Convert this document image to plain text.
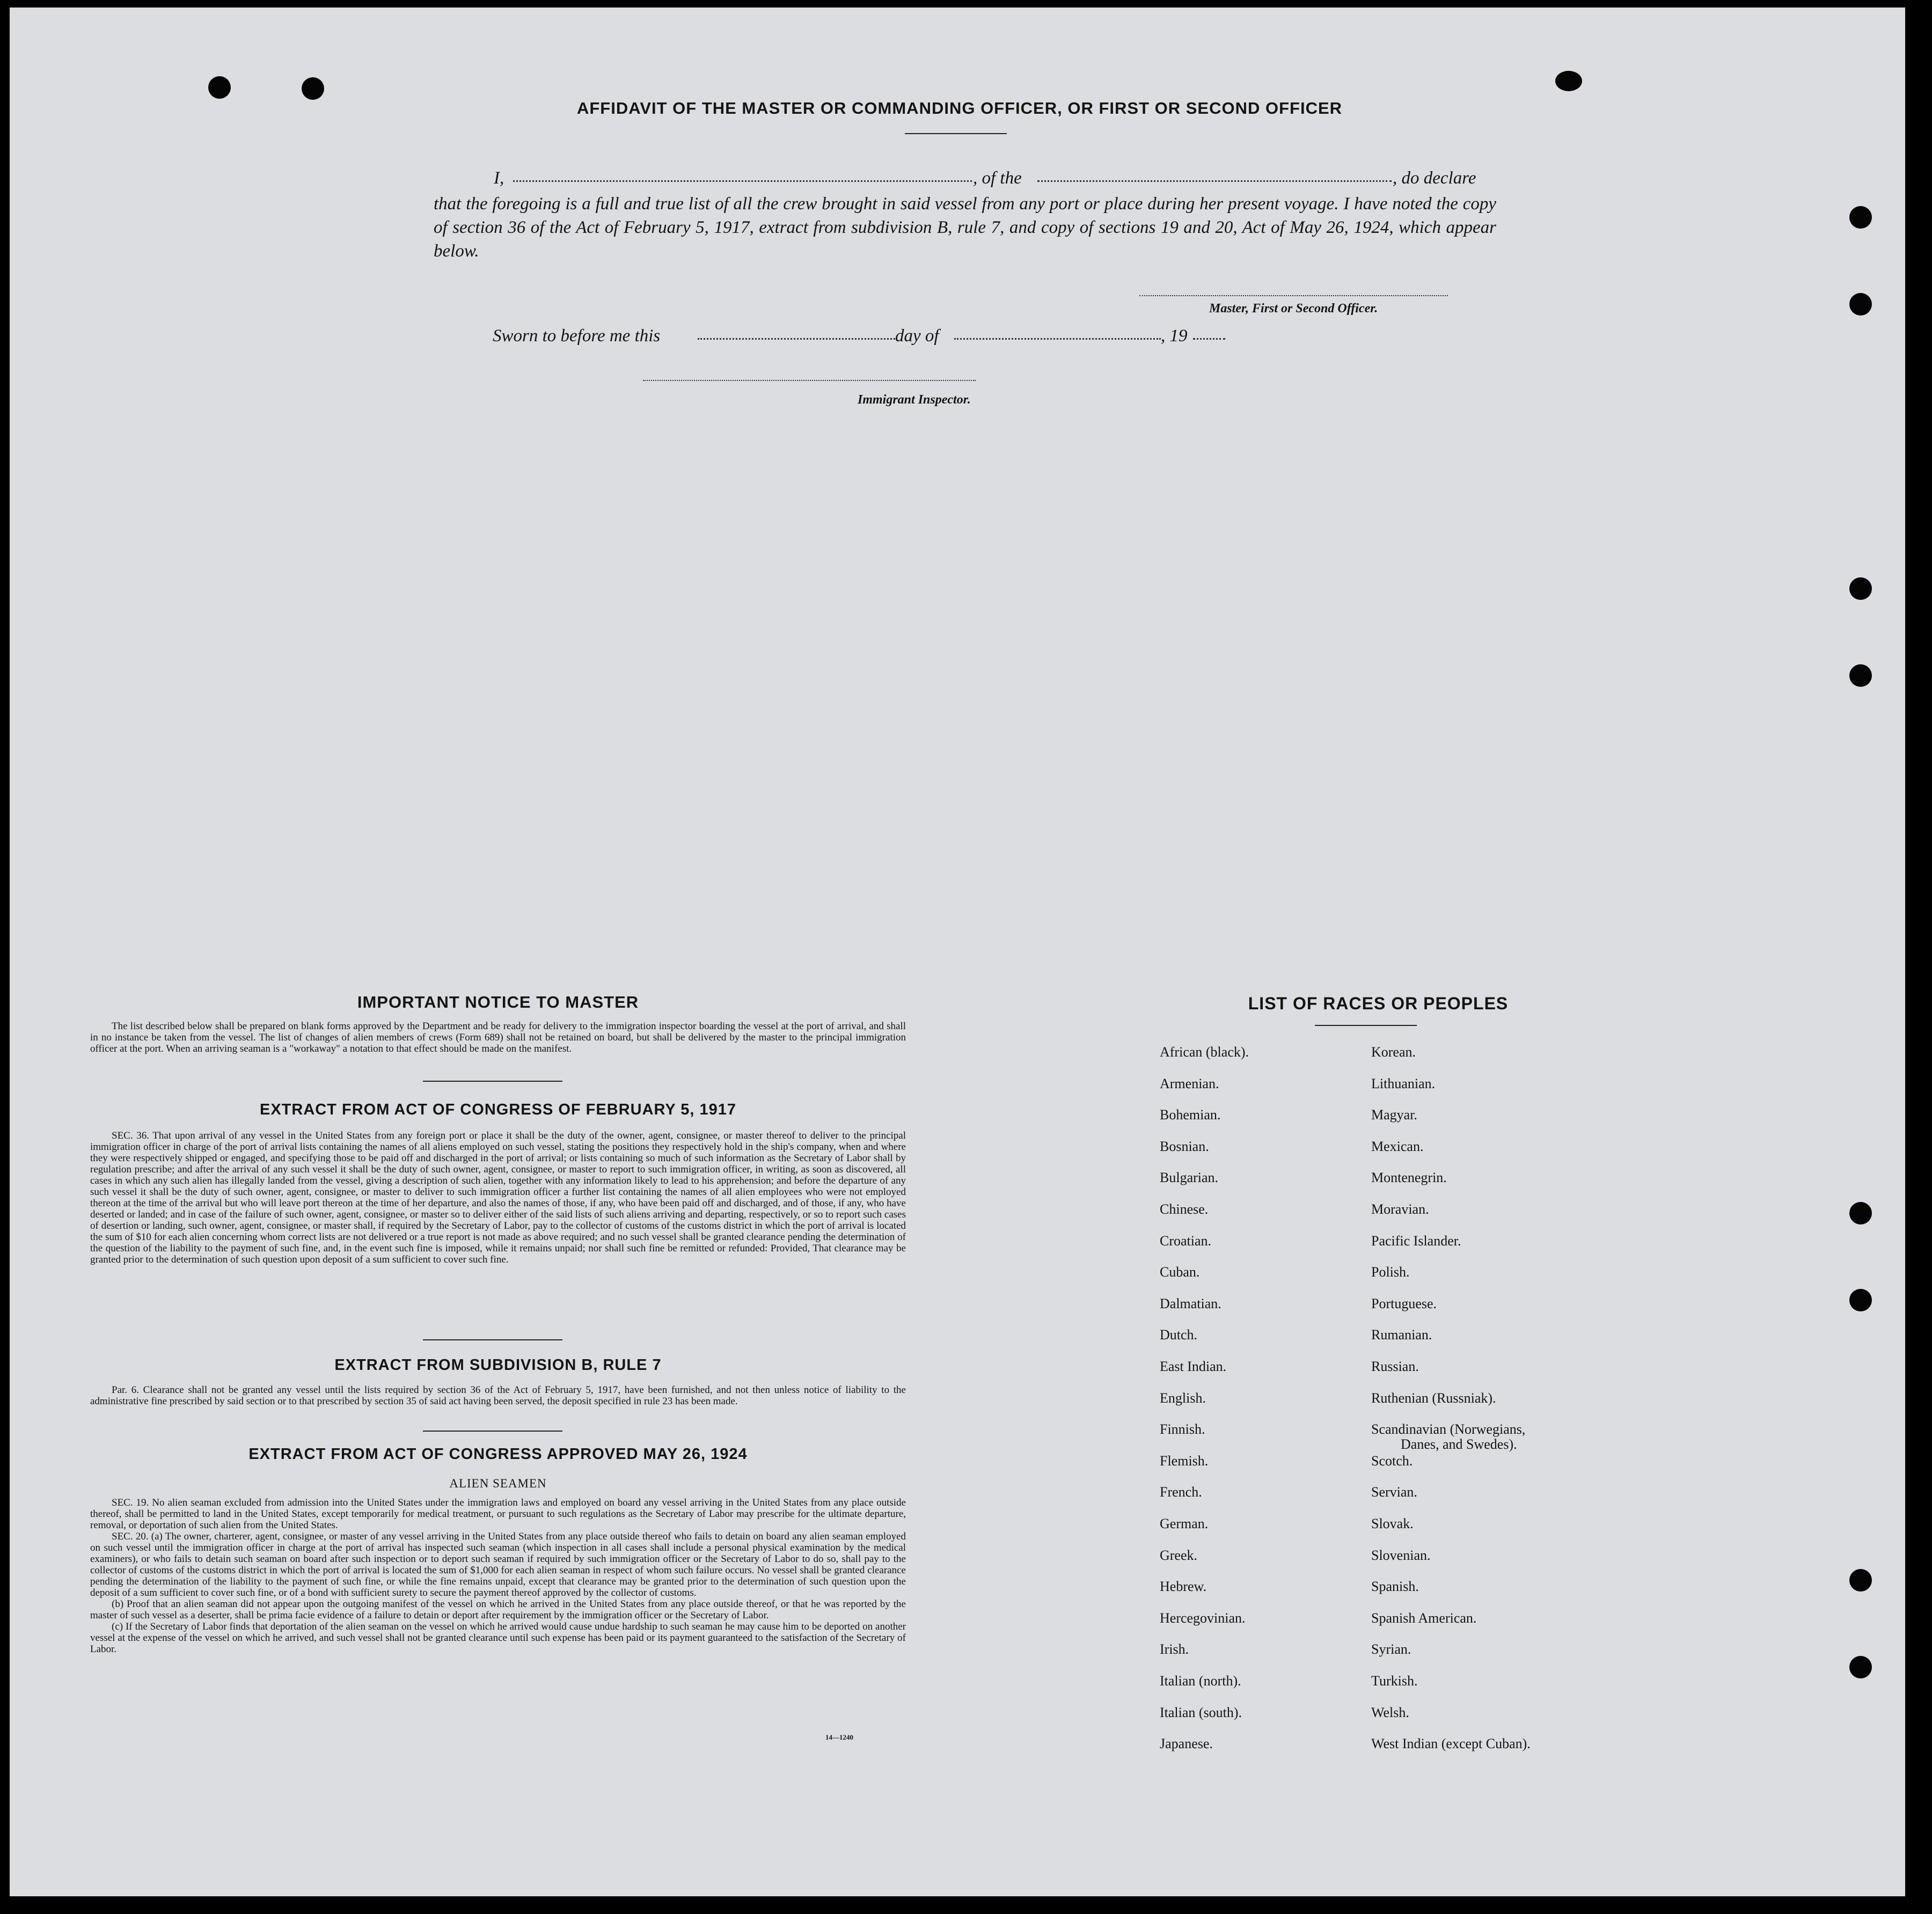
AFFIDAVIT OF THE MASTER OR COMMANDING OFFICER, OR FIRST OR SECOND OFFICER
I,	, of the	, do declare
that the foregoing is a full and true list of all the crew brought in said vessel from any port or place during her present voyage. I have noted the copy of section 36 of the Act of February 5, 1917, extract from subdivision B, rule 7, and copy of sections 19 and 20, Act of May 26, 1924, which appear below.
Master, First or Second Officer.
Sworn to before me this	day of	, 19
Immigrant Inspector.
IMPORTANT NOTICE TO MASTER

The list described below shall be prepared on blank forms approved by the Department and be ready for delivery to the immigration inspector boarding the vessel at the port of arrival, and shall in no instance be taken from the vessel. The list of changes of alien members of crews (Form 689) shall not be retained on board, but shall be delivered by the master to the principal immigration officer at the port. When an arriving seaman is a "workaway" a notation to that effect should be made on the manifest.

EXTRACT FROM ACT OF CONGRESS OF FEBRUARY 5, 1917

SEC. 36. That upon arrival of any vessel in the United States from any foreign port or place it shall be the duty of the owner, agent, consignee, or master thereof to deliver to the principal immigration officer in charge of the port of arrival lists containing the names of all aliens employed on such vessel, stating the positions they respectively hold in the ship's company, when and where they were respectively shipped or engaged, and specifying those to be paid off and discharged in the port of arrival; or lists containing so much of such information as the Secretary of Labor shall by regulation prescribe; and after the arrival of any such vessel it shall be the duty of such owner, agent, consignee, or master to report to such immigration officer, in writing, as soon as discovered, all cases in which any such alien has illegally landed from the vessel, giving a description of such alien, together with any information likely to lead to his apprehension; and before the departure of any such vessel it shall be the duty of such owner, agent, consignee, or master to deliver to such immigration officer a further list containing the names of all alien employees who were not employed thereon at the time of the arrival but who will leave port thereon at the time of her departure, and also the names of those, if any, who have been paid off and discharged, and of those, if any, who have deserted or landed; and in case of the failure of such owner, agent, consignee, or master so to deliver either of the said lists of such aliens arriving and departing, respectively, or so to report such cases of desertion or landing, such owner, agent, consignee, or master shall, if required by the Secretary of Labor, pay to the collector of customs of the customs district in which the port of arrival is located the sum of $10 for each alien concerning whom correct lists are not delivered or a true report is not made as above required; and no such vessel shall be granted clearance pending the determination of the question of the liability to the payment of such fine, and, in the event such fine is imposed, while it remains unpaid; nor shall such fine be remitted or refunded: Provided, That clearance may be granted prior to the determination of such question upon deposit of a sum sufficient to cover such fine.

EXTRACT FROM SUBDIVISION B, RULE 7

Par. 6. Clearance shall not be granted any vessel until the lists required by section 36 of the Act of February 5, 1917, have been furnished, and not then unless notice of liability to the administrative fine prescribed by said section or to that prescribed by section 35 of said act having been served, the deposit specified in rule 23 has been made.

EXTRACT FROM ACT OF CONGRESS APPROVED MAY 26, 1924
ALIEN SEAMEN

SEC. 19. No alien seaman excluded from admission into the United States under the immigration laws and employed on board any vessel arriving in the United States from any place outside thereof, shall be permitted to land in the United States, except temporarily for medical treatment, or pursuant to such regulations as the Secretary of Labor may prescribe for the ultimate departure, removal, or deportation of such alien from the United States.

SEC. 20. (a) The owner, charterer, agent, consignee, or master of any vessel arriving in the United States from any place outside thereof who fails to detain on board any alien seaman employed on such vessel until the immigration officer in charge at the port of arrival has inspected such seaman (which inspection in all cases shall include a personal physical examination by the medical examiners), or who fails to detain such seaman on board after such inspection or to deport such seaman if required by such immigration officer or the Secretary of Labor to do so, shall pay to the collector of customs of the customs district in which the port of arrival is located the sum of $1,000 for each alien seaman in respect of whom such failure occurs. No vessel shall be granted clearance pending the determination of the liability to the payment of such fine, or while the fine remains unpaid, except that clearance may be granted prior to the determination of such question upon the deposit of a sum sufficient to cover such fine, or of a bond with sufficient surety to secure the payment thereof approved by the collector of customs.

(b) Proof that an alien seaman did not appear upon the outgoing manifest of the vessel on which he arrived in the United States from any place outside thereof, or that he was reported by the master of such vessel as a deserter, shall be prima facie evidence of a failure to detain or deport after requirement by the immigration officer or the Secretary of Labor.

(c) If the Secretary of Labor finds that deportation of the alien seaman on the vessel on which he arrived would cause undue hardship to such seaman he may cause him to be deported on another vessel at the expense of the vessel on which he arrived, and such vessel shall not be granted clearance until such expense has been paid or its payment guaranteed to the satisfaction of the Secretary of Labor.

14—1240
LIST OF RACES OR PEOPLES
African (black).
Armenian.
Bohemian.
Bosnian.
Bulgarian.
Chinese.
Croatian.
Cuban.
Dalmatian.
Dutch.
East Indian.
English.
Finnish.
Flemish.
French.
German.
Greek.
Hebrew.
Hercegovinian.
Irish.
Italian (north).
Italian (south).
Japanese.
Korean.
Lithuanian.
Magyar.
Mexican.
Montenegrin.
Moravian.
Pacific Islander.
Polish.
Portuguese.
Rumanian.
Russian.
Ruthenian (Russniak).
Scandinavian (Norwegians,
Scotch.
Servian.
Slovak.
Slovenian.
Spanish.
Spanish American.
Syrian.
Turkish.
Welsh.
West Indian (except Cuban).
Danes, and Swedes).
